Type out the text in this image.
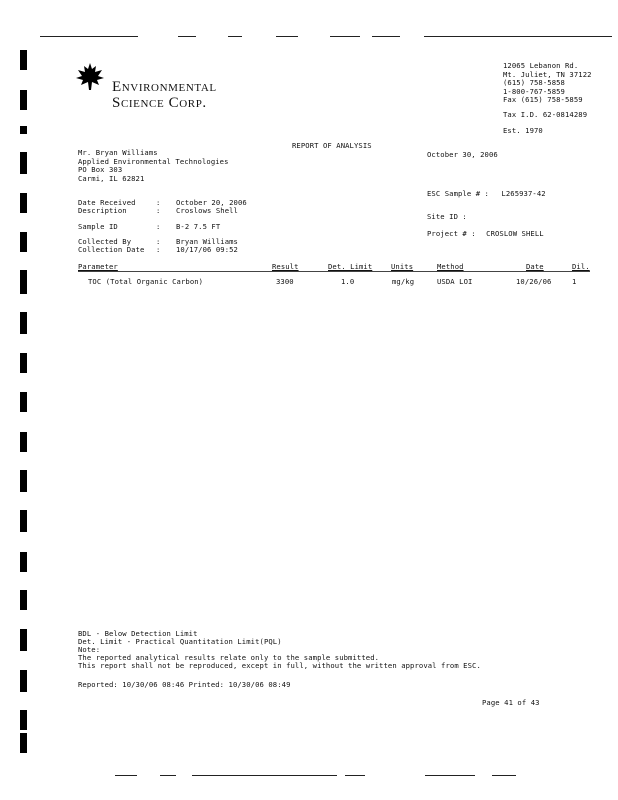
Environmental
Science Corp.
12065 Lebanon Rd.
Mt. Juliet, TN 37122
(615) 758-5858
1-800-767-5859
Fax (615) 758-5859
Tax I.D. 62-0814289
Est. 1970
REPORT OF ANALYSIS
October 30, 2006
Mr. Bryan Williams
Applied Environmental Technologies
PO Box 303
Carmi, IL 62821
ESC Sample # : L265937-42
Site ID :
Project # : CROSLOW SHELL
Date Received	: October 20, 2006
Description	: Croslows Shell
Sample ID	: B-2 7.5 FT
Collected By	: Bryan Williams
Collection Date : 10/17/06 09:52
Parameter	Result	Det. Limit	Units	Method	Date	Dil.
TOC (Total Organic Carbon)	3300	1.0	mg/kg	USDA LOI	10/26/06	1
BDL - Below Detection Limit
Det. Limit - Practical Quantitation Limit(PQL)
Note:
The reported analytical results relate only to the sample submitted.
This report shall not be reproduced, except in full, without the written approval from ESC.
Reported: 10/30/06 08:46 Printed: 10/30/06 08:49
Page 41 of 43
